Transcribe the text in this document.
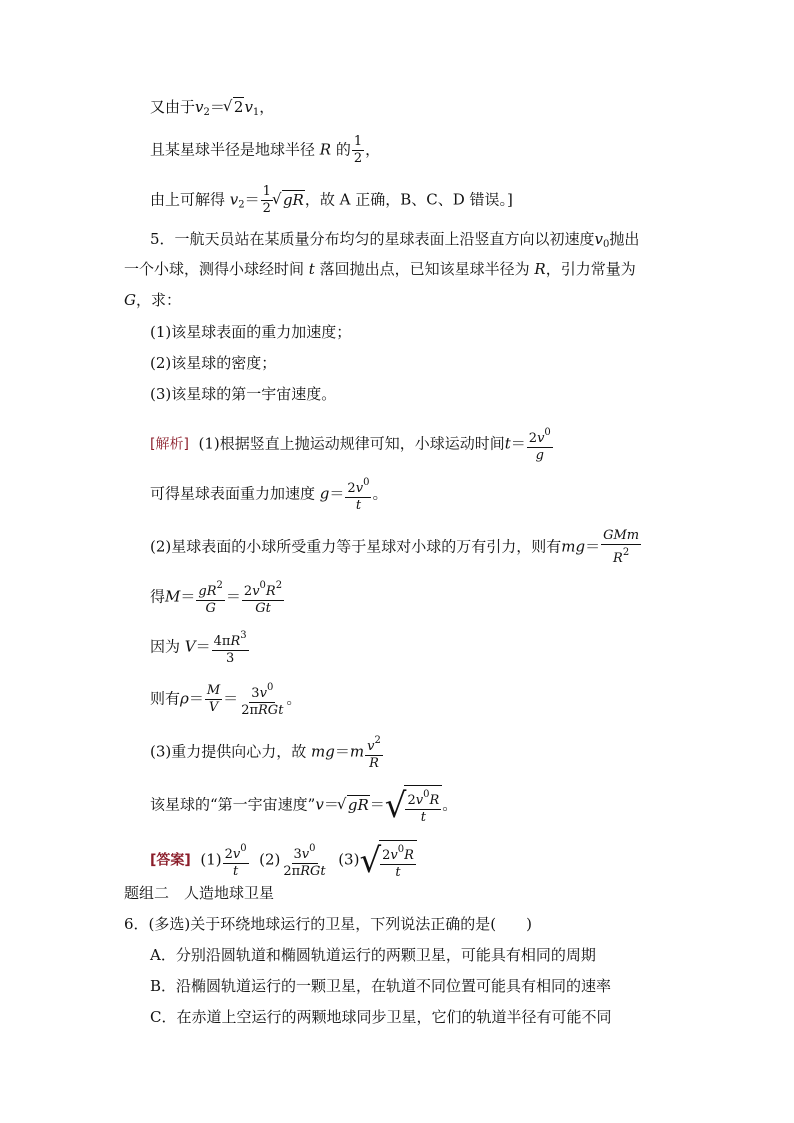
又由于$v_2=√$ $2v_1$，
且某星球半径是地球半径 R 的 $\frac{1}{2}$ ，
由上可解得 $v_2= \frac{1}{2}$
√ gR，故 A 正确，B、C、D 错误。]
5．一航天员站在某质量分布均匀的星球表面上沿竖直方向以初速度$v_0$抛出
一个小球，测得小球经时间 t 落回抛出点，已知该星球半径为 R，引力常量为
G，求：
(1)该星球表面的重力加速度；
(2)该星球的密度；
(3)该星球的第一宇宙速度。
[解析] (1)根据竖直上抛运动规律可知，小球运动时间$t= \frac{2v^0}{g}$
可得星球表面重力加速度 $g= \frac{2v^0}{t}$ 。
(2)星球表面的小球所受重力等于星球对小球的万有引力，则有$mg= \frac{\text{GMm}}{R^2}$
得$M= \frac{gR^2}{G} = \frac{2v^0R^2}{Gt}$
因为 $V= \frac{4\pi R^3}{3}$
则有$\rho= \frac{M}{V} = \frac{3v^0}{\text{2πRGt}}$ 。
(3)重力提供向心力，故 $mg=m \frac{v^2}{R}$
该星球的“第一宇宙速度”v＝√ gR＝ √ $\frac{2v^0R}{t}$ 。
[答案] $(1) \frac{2v^0}{t} (2) \frac{3v^0}{\text{2πRGt}} (3)$ √ $\frac{2v^0R}{t}$
题组二　人造地球卫星
6．(多选)关于环绕地球运行的卫星，下列说法正确的是(　　)
A．分别沿圆轨道和椭圆轨道运行的两颗卫星，可能具有相同的周期
B．沿椭圆轨道运行的一颗卫星，在轨道不同位置可能具有相同的速率
C．在赤道上空运行的两颗地球同步卫星，它们的轨道半径有可能不同
